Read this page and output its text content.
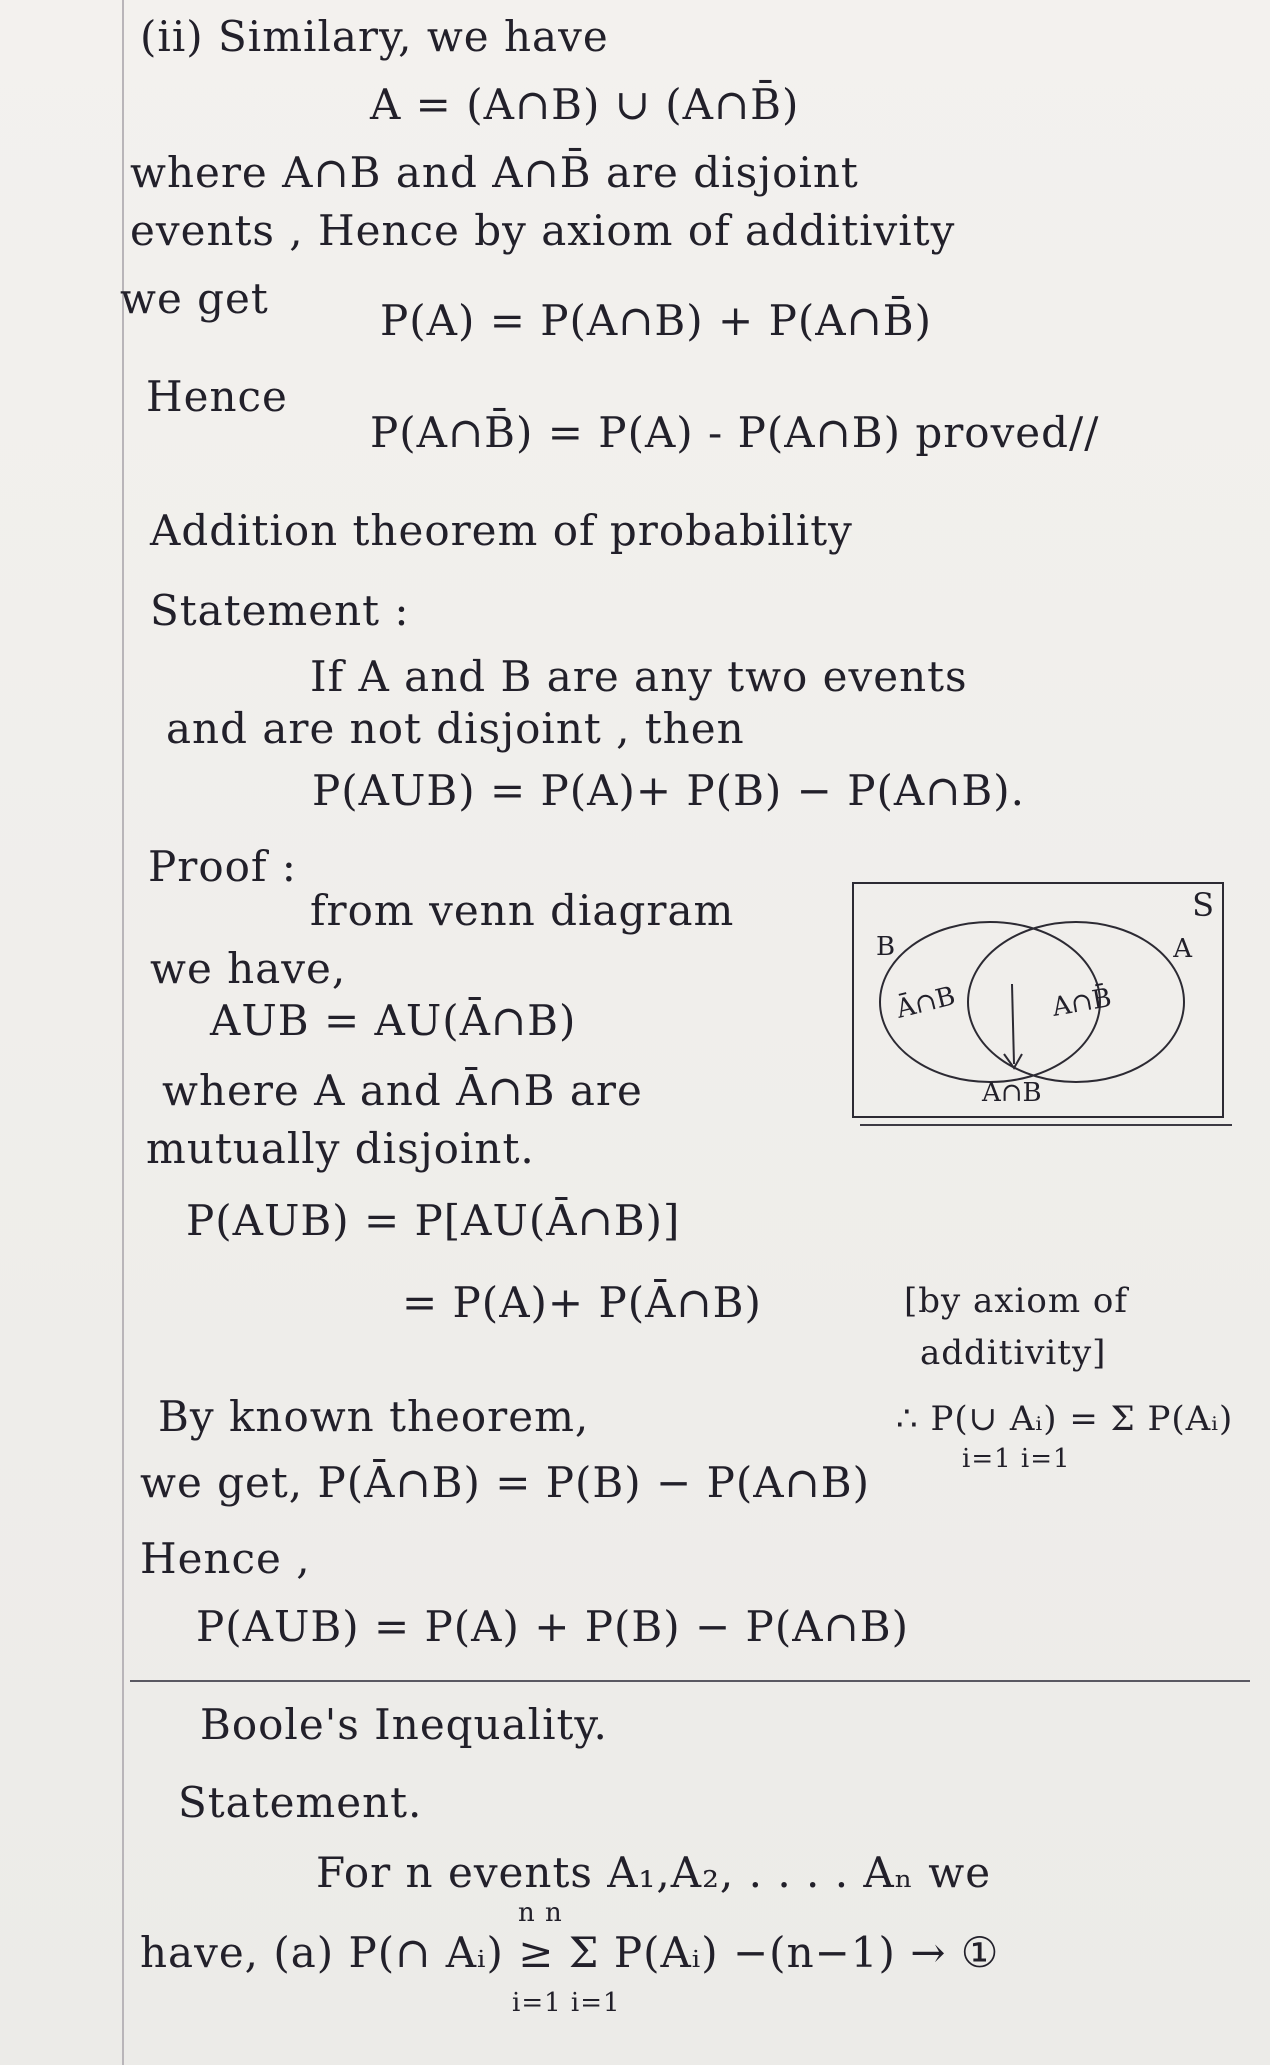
(ii) Similary, we have
A = (A∩B) ∪ (A∩B̄)
where A∩B and A∩B̄ are disjoint
events , Hence by axiom of additivity
we get	P(A) = P(A∩B) + P(A∩B̄)
Hence
P(A∩B̄) = P(A) - P(A∩B) proved//
Addition theorem of probability
Statement :
If A and B are any two events
and are not disjoint , then
P(AUB) = P(A)+ P(B) − P(A∩B).
Proof :
from venn diagram
we have,
AUB = AU(Ā∩B)
where A and Ā∩B are
mutually disjoint.
P(AUB) = P[AU(Ā∩B)]
= P(A)+ P(Ā∩B)	[by axiom of
additivity]
By known theorem,	∴ P(∪ Aᵢ) = Σ P(Aᵢ)
i=1 i=1
we get, P(Ā∩B) = P(B) − P(A∩B)
Hence ,
P(AUB) = P(A) + P(B) − P(A∩B)
S
B	A
Ā∩B	A∩B̄
A∩B
Boole's Inequality.
Statement.
For n events A₁,A₂, . . . . Aₙ we
n n
have, (a) P(∩ Aᵢ) ≥ Σ P(Aᵢ) −(n−1) → ①
i=1 i=1
